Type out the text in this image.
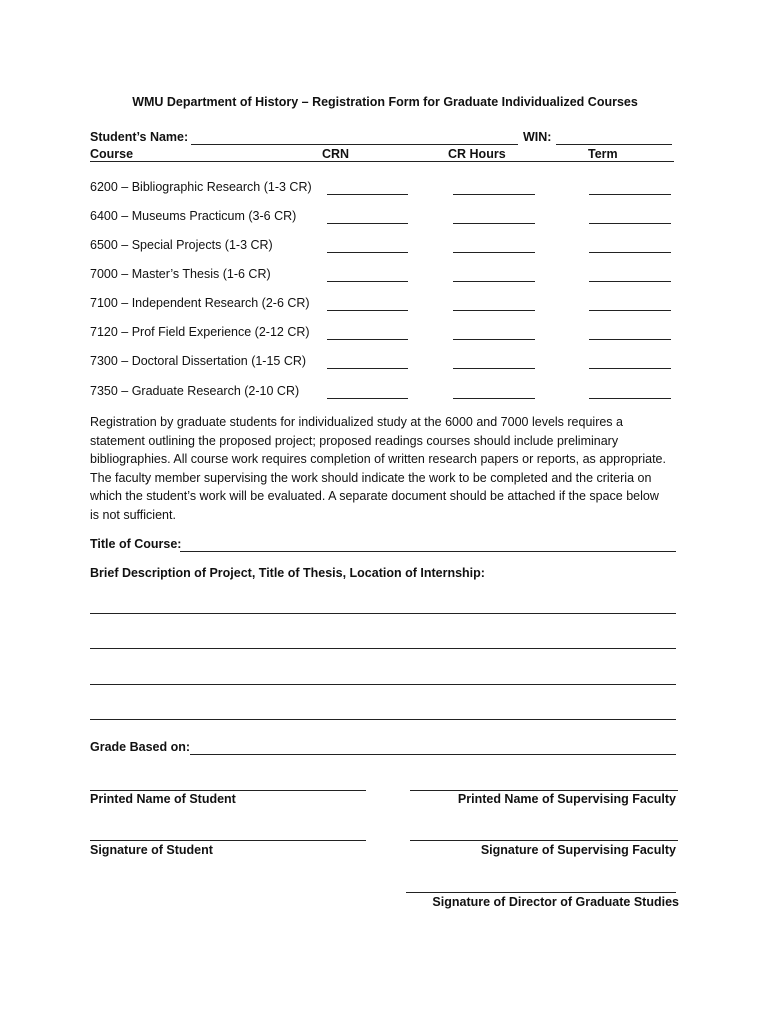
WMU Department of History – Registration Form for Graduate Individualized Courses
Student’s Name:	WIN:
Course	CRN	CR Hours	Term
6200 – Bibliographic Research (1-3 CR)
6400 – Museums Practicum (3-6 CR)
6500 – Special Projects (1-3 CR)
7000 – Master’s Thesis (1-6 CR)
7100 – Independent Research (2-6 CR)
7120 – Prof Field Experience (2-12 CR)
7300 – Doctoral Dissertation (1-15 CR)
7350 – Graduate Research (2-10 CR)
Registration by graduate students for individualized study at the 6000 and 7000 levels requires a statement outlining the proposed project; proposed readings courses should include preliminary bibliographies. All course work requires completion of written research papers or reports, as appropriate. The faculty member supervising the work should indicate the work to be completed and the criteria on which the student’s work will be evaluated. A separate document should be attached if the space below is not sufficient.
Title of Course:
Brief Description of Project, Title of Thesis, Location of Internship:
Grade Based on:
Printed Name of Student	Printed Name of Supervising Faculty
Signature of Student	Signature of Supervising Faculty
Signature of Director of Graduate Studies
